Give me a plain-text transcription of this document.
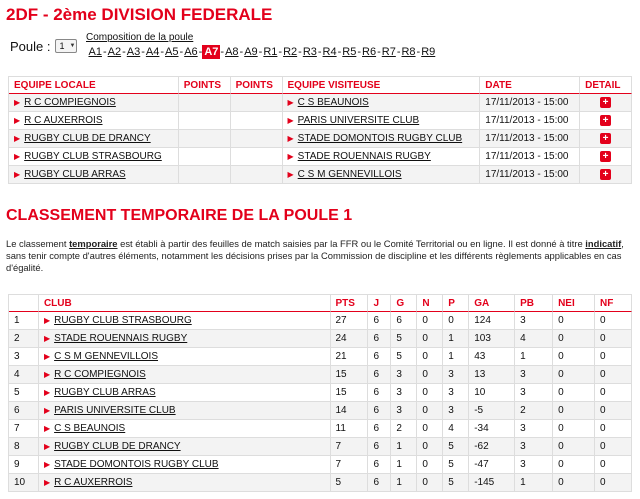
2DF - 2ème DIVISION FEDERALE
Poule : 1 ▼
Composition de la poule
A1 - A2 - A3 - A4 - A5 - A6 - A7 - A8 - A9 - R1 - R2 - R3 - R4 - R5 - R6 - R7 - R8 - R9
EQUIPE LOCALE	POINTS	POINTS	EQUIPE VISITEUSE	DATE	DETAIL
▶ R C COMPIEGNOIS			▶ C S BEAUNOIS	17/11/2013 - 15:00	+
▶ R C AUXERROIS			▶ PARIS UNIVERSITE CLUB	17/11/2013 - 15:00	+
▶ RUGBY CLUB DE DRANCY			▶ STADE DOMONTOIS RUGBY CLUB	17/11/2013 - 15:00	+
▶ RUGBY CLUB STRASBOURG			▶ STADE ROUENNAIS RUGBY	17/11/2013 - 15:00	+
▶ RUGBY CLUB ARRAS			▶ C S M GENNEVILLOIS	17/11/2013 - 15:00	+
CLASSEMENT TEMPORAIRE DE LA POULE 1

Le classement temporaire est établi à partir des feuilles de match saisies par la FFR ou le Comité Territorial ou en ligne. Il est donné à titre indicatif, sans tenir compte d'autres éléments, notamment les décisions prises par la Commission de discipline et les différents règlements applicables en cas d'égalité.

	CLUB	PTS	J	G	N	P	GA	PB	NEI	NF
1	▶ RUGBY CLUB STRASBOURG	27	6	6	0	0	124	3	0	0
2	▶ STADE ROUENNAIS RUGBY	24	6	5	0	1	103	4	0	0
3	▶ C S M GENNEVILLOIS	21	6	5	0	1	43	1	0	0
4	▶ R C COMPIEGNOIS	15	6	3	0	3	13	3	0	0
5	▶ RUGBY CLUB ARRAS	15	6	3	0	3	10	3	0	0
6	▶ PARIS UNIVERSITE CLUB	14	6	3	0	3	-5	2	0	0
7	▶ C S BEAUNOIS	11	6	2	0	4	-34	3	0	0
8	▶ RUGBY CLUB DE DRANCY	7	6	1	0	5	-62	3	0	0
9	▶ STADE DOMONTOIS RUGBY CLUB	7	6	1	0	5	-47	3	0	0
10	▶ R C AUXERROIS	5	6	1	0	5	-145	1	0	0
